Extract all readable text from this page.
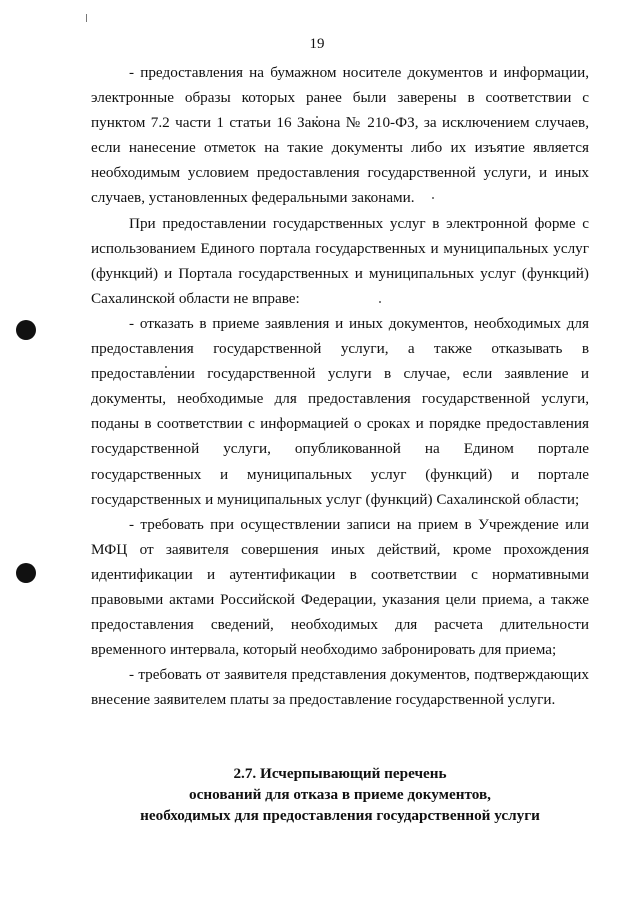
19

- предоставления на бумажном носителе документов и информации, электронные образы которых ранее были заверены в соответствии с пунктом 7.2 части 1 статьи 16 Закона № 210-ФЗ, за исключением случаев, если нанесение отметок на такие документы либо их изъятие является необходимым условием предоставления государственной услуги, и иных случаев, установленных федеральными законами.

При предоставлении государственных услуг в электронной форме с использованием Единого портала государственных и муниципальных услуг (функций) и Портала государственных и муниципальных услуг (функций) Сахалинской области не вправе:

- отказать в приеме заявления и иных документов, необходимых для предоставления государственной услуги, а также отказывать в предоставлении государственной услуги в случае, если заявление и документы, необходимые для предоставления государственной услуги, поданы в соответствии с информацией о сроках и порядке предоставления государственной услуги, опубликованной на Едином портале государственных и муниципальных услуг (функций) и портале государственных и муниципальных услуг (функций) Сахалинской области;

- требовать при осуществлении записи на прием в Учреждение или МФЦ от заявителя совершения иных действий, кроме прохождения идентификации и аутентификации в соответствии с нормативными правовыми актами Российской Федерации, указания цели приема, а также предоставления сведений, необходимых для расчета длительности временного интервала, который необходимо забронировать для приема;

- требовать от заявителя представления документов, подтверждающих внесение заявителем платы за предоставление государственной услуги.

2.7. Исчерпывающий перечень
оснований для отказа в приеме документов,
необходимых для предоставления государственной услуги
